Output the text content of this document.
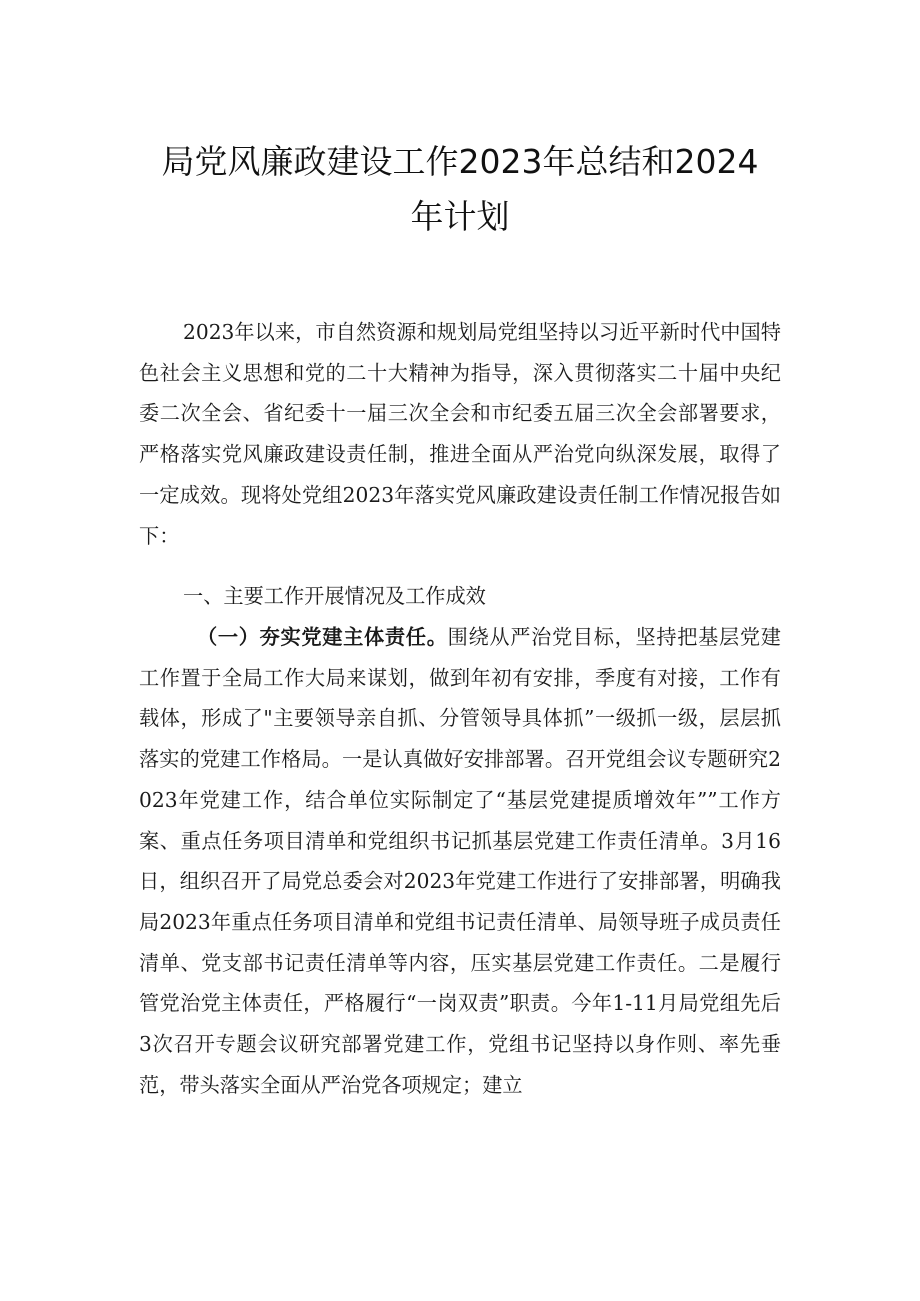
局党风廉政建设工作2023年总结和2024
年计划

2023年以来，市自然资源和规划局党组坚持以习近平新时代中国特色社会主义思想和党的二十大精神为指导，深入贯彻落实二十届中央纪委二次全会、省纪委十一届三次全会和市纪委五届三次全会部署要求，严格落实党风廉政建设责任制，推进全面从严治党向纵深发展，取得了一定成效。现将处党组2023年落实党风廉政建设责任制工作情况报告如下：

一、主要工作开展情况及工作成效

（一）夯实党建主体责任。围绕从严治党目标，坚持把基层党建工作置于全局工作大局来谋划，做到年初有安排，季度有对接，工作有载体，形成了"主要领导亲自抓、分管领导具体抓”一级抓一级，层层抓落实的党建工作格局。一是认真做好安排部署。召开党组会议专题研究2023年党建工作，结合单位实际制定了“基层党建提质增效年””工作方案、重点任务项目清单和党组织书记抓基层党建工作责任清单。3月16日，组织召开了局党总委会对2023年党建工作进行了安排部署，明确我局2023年重点任务项目清单和党组书记责任清单、局领导班子成员责任清单、党支部书记责任清单等内容，压实基层党建工作责任。二是履行管党治党主体责任，严格履行“一岗双责”职责。今年1-11月局党组先后3次召开专题会议研究部署党建工作，党组书记坚持以身作则、率先垂范，带头落实全面从严治党各项规定；建立
